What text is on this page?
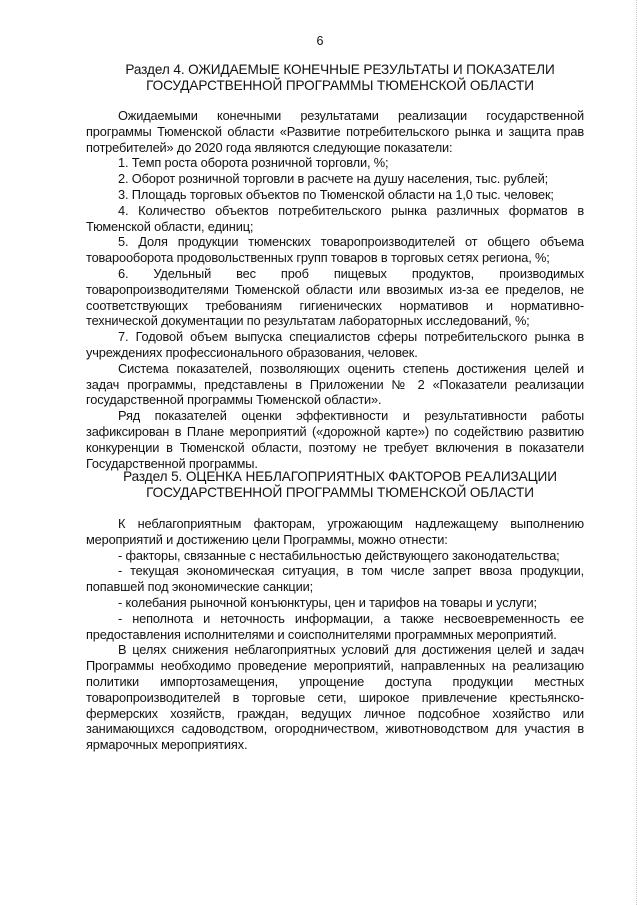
6
Раздел 4. ОЖИДАЕМЫЕ КОНЕЧНЫЕ РЕЗУЛЬТАТЫ И ПОКАЗАТЕЛИ
ГОСУДАРСТВЕННОЙ ПРОГРАММЫ ТЮМЕНСКОЙ ОБЛАСТИ

Ожидаемыми конечными результатами реализации государственной программы Тюменской области «Развитие потребительского рынка и защита прав потребителей» до 2020 года являются следующие показатели:

1. Темп роста оборота розничной торговли, %;

2. Оборот розничной торговли в расчете на душу населения, тыс. рублей;

3. Площадь торговых объектов по Тюменской области на 1,0 тыс. человек;

4. Количество объектов потребительского рынка различных форматов в Тюменской области, единиц;

5. Доля продукции тюменских товаропроизводителей от общего объема товарооборота продовольственных групп товаров в торговых сетях региона, %;

6. Удельный вес проб пищевых продуктов, производимых товаропроизводителями Тюменской области или ввозимых из-за ее пределов, не соответствующих требованиям гигиенических нормативов и нормативно-технической документации по результатам лабораторных исследований, %;

7. Годовой объем выпуска специалистов сферы потребительского рынка в учреждениях профессионального образования, человек.

Система показателей, позволяющих оценить степень достижения целей и задач программы, представлены в Приложении № 2 «Показатели реализации государственной программы Тюменской области».

Ряд показателей оценки эффективности и результативности работы зафиксирован в Плане мероприятий («дорожной карте») по содействию развитию конкуренции в Тюменской области, поэтому не требует включения в показатели Государственной программы.

Раздел 5. ОЦЕНКА НЕБЛАГОПРИЯТНЫХ ФАКТОРОВ РЕАЛИЗАЦИИ
ГОСУДАРСТВЕННОЙ ПРОГРАММЫ ТЮМЕНСКОЙ ОБЛАСТИ

К неблагоприятным факторам, угрожающим надлежащему выполнению мероприятий и достижению цели Программы, можно отнести:

- факторы, связанные с нестабильностью действующего законодательства;

- текущая экономическая ситуация, в том числе запрет ввоза продукции, попавшей под экономические санкции;

- колебания рыночной конъюнктуры, цен и тарифов на товары и услуги;

- неполнота и неточность информации, а также несвоевременность ее предоставления исполнителями и соисполнителями программных мероприятий.

В целях снижения неблагоприятных условий для достижения целей и задач Программы необходимо проведение мероприятий, направленных на реализацию политики импортозамещения, упрощение доступа продукции местных товаропроизводителей в торговые сети, широкое привлечение крестьянско-фермерских хозяйств, граждан, ведущих личное подсобное хозяйство или занимающихся садоводством, огородничеством, животноводством для участия в ярмарочных мероприятиях.
